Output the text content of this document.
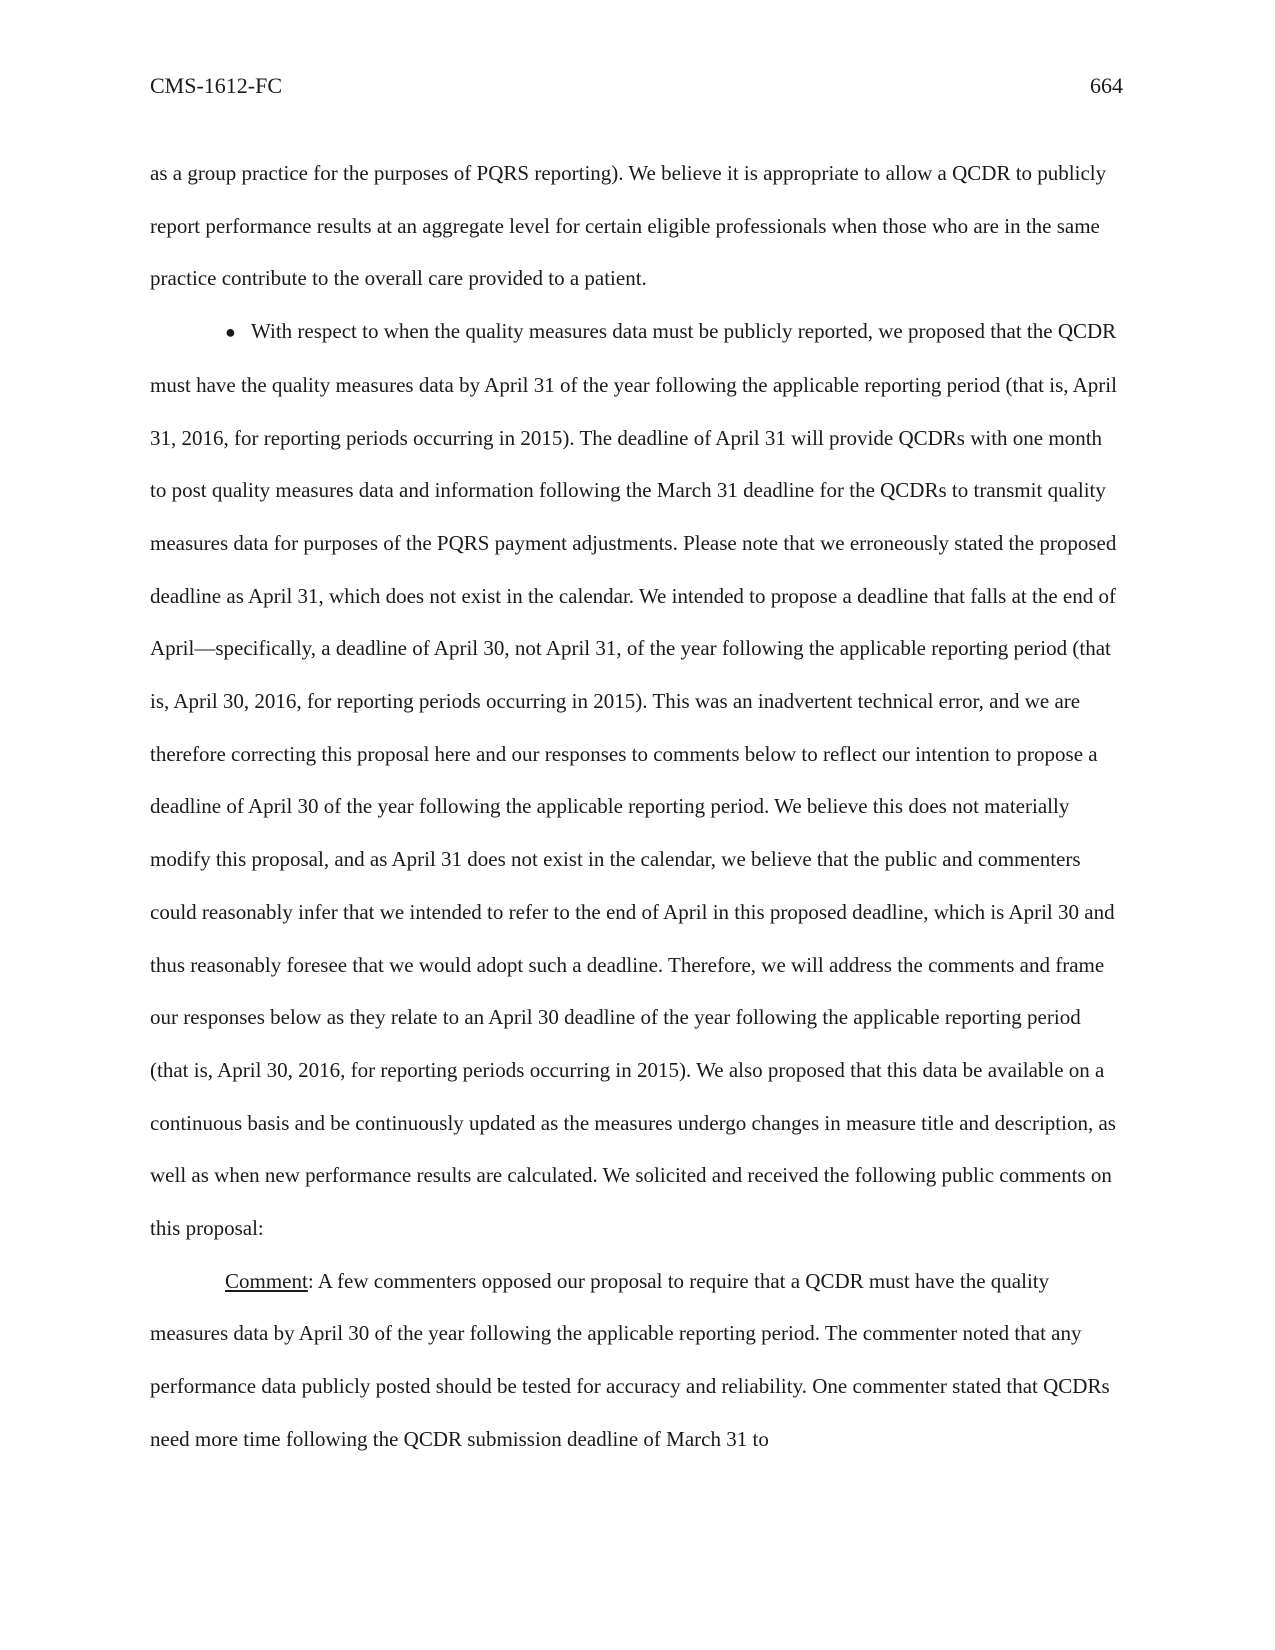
CMS-1612-FC	664

as a group practice for the purposes of PQRS reporting). We believe it is appropriate to allow a QCDR to publicly report performance results at an aggregate level for certain eligible professionals when those who are in the same practice contribute to the overall care provided to a patient.

● With respect to when the quality measures data must be publicly reported, we proposed that the QCDR must have the quality measures data by April 31 of the year following the applicable reporting period (that is, April 31, 2016, for reporting periods occurring in 2015). The deadline of April 31 will provide QCDRs with one month to post quality measures data and information following the March 31 deadline for the QCDRs to transmit quality measures data for purposes of the PQRS payment adjustments. Please note that we erroneously stated the proposed deadline as April 31, which does not exist in the calendar. We intended to propose a deadline that falls at the end of April—specifically, a deadline of April 30, not April 31, of the year following the applicable reporting period (that is, April 30, 2016, for reporting periods occurring in 2015). This was an inadvertent technical error, and we are therefore correcting this proposal here and our responses to comments below to reflect our intention to propose a deadline of April 30 of the year following the applicable reporting period. We believe this does not materially modify this proposal, and as April 31 does not exist in the calendar, we believe that the public and commenters could reasonably infer that we intended to refer to the end of April in this proposed deadline, which is April 30 and thus reasonably foresee that we would adopt such a deadline. Therefore, we will address the comments and frame our responses below as they relate to an April 30 deadline of the year following the applicable reporting period (that is, April 30, 2016, for reporting periods occurring in 2015). We also proposed that this data be available on a continuous basis and be continuously updated as the measures undergo changes in measure title and description, as well as when new performance results are calculated. We solicited and received the following public comments on this proposal:

Comment: A few commenters opposed our proposal to require that a QCDR must have the quality measures data by April 30 of the year following the applicable reporting period. The commenter noted that any performance data publicly posted should be tested for accuracy and reliability. One commenter stated that QCDRs need more time following the QCDR submission deadline of March 31 to
